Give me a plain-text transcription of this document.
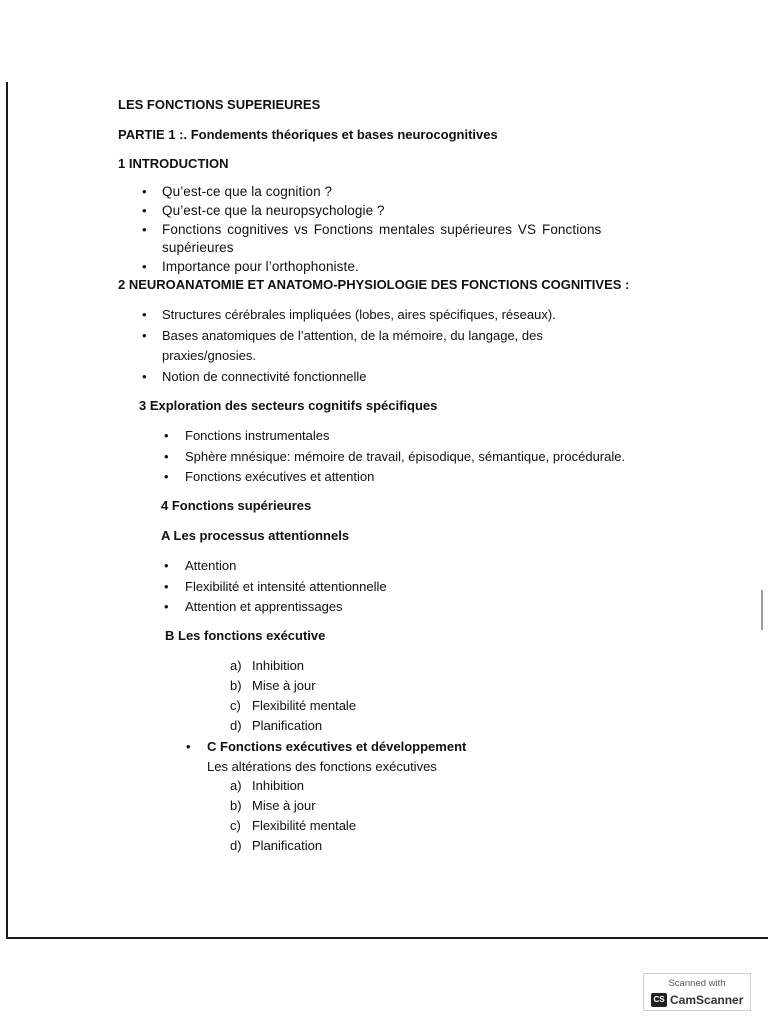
LES FONCTIONS SUPERIEURES
PARTIE 1 :. Fondements théoriques et bases neurocognitives
1 INTRODUCTION
• Qu’est-ce que la cognition ?
• Qu’est-ce que la neuropsychologie ?
• Fonctions cognitives vs Fonctions mentales supérieures VS Fonctions
supérieures
• Importance pour l’orthophoniste.
2 NEUROANATOMIE ET ANATOMO-PHYSIOLOGIE DES FONCTIONS COGNITIVES :
• Structures cérébrales impliquées (lobes, aires spécifiques, réseaux).
• Bases anatomiques de l’attention, de la mémoire, du langage, des
praxies/gnosies.
• Notion de connectivité fonctionnelle
3 Exploration des secteurs cognitifs spécifiques
• Fonctions instrumentales
• Sphère mnésique: mémoire de travail, épisodique, sémantique, procédurale.
• Fonctions exécutives et attention
4 Fonctions supérieures
A Les processus attentionnels
• Attention
• Flexibilité et intensité attentionnelle
• Attention et apprentissages
B Les fonctions exécutive
a) Inhibition
b) Mise à jour
c) Flexibilité mentale
d) Planification
• C Fonctions exécutives et développement
Les altérations des fonctions exécutives
a) Inhibition
b) Mise à jour
c) Flexibilité mentale
d) Planification
Scanned with
CS CamScanner
